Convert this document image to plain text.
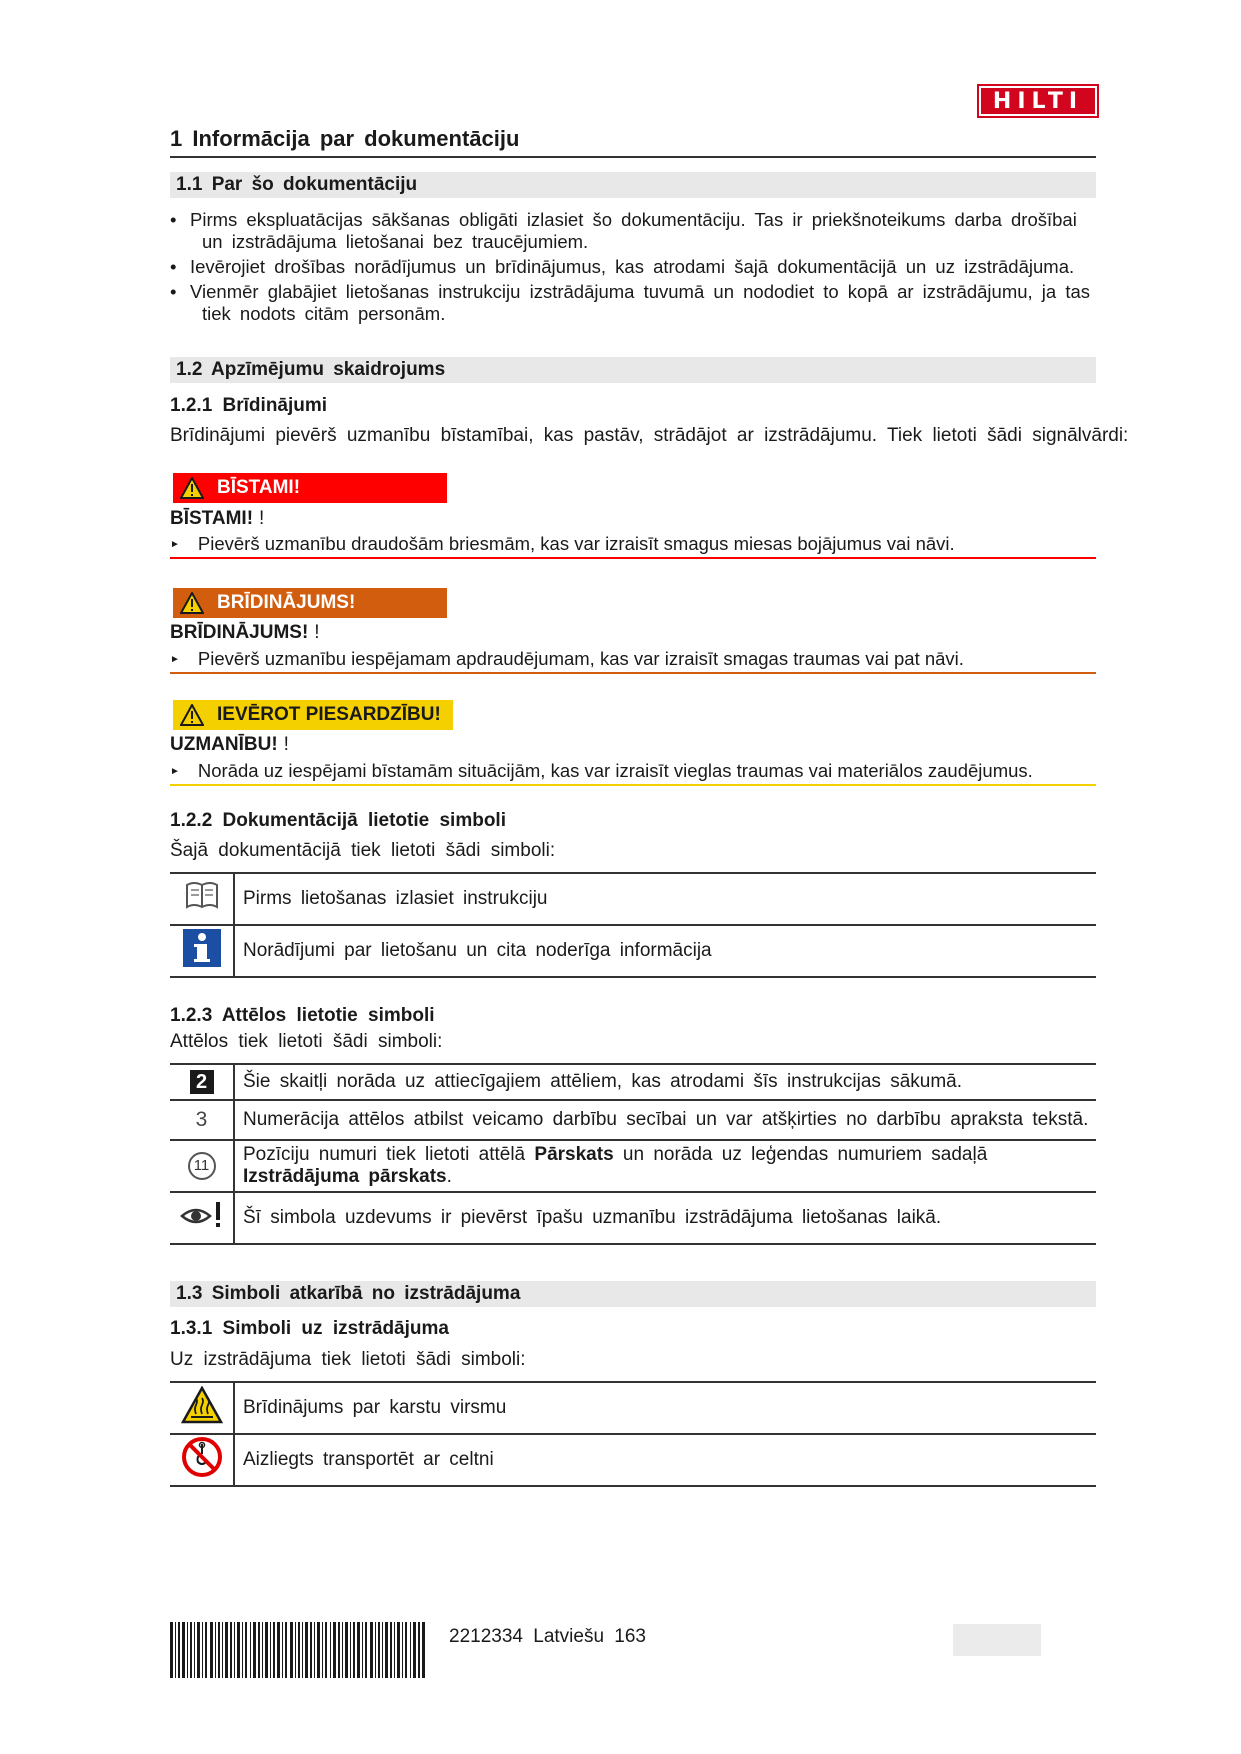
HILTI
1 Informācija par dokumentāciju
1.1 Par šo dokumentāciju
• Pirms ekspluatācijas sākšanas obligāti izlasiet šo dokumentāciju. Tas ir priekšnoteikums darba drošībai
un izstrādājuma lietošanai bez traucējumiem.
• Ievērojiet drošības norādījumus un brīdinājumus, kas atrodami šajā dokumentācijā un uz izstrādājuma.
• Vienmēr glabājiet lietošanas instrukciju izstrādājuma tuvumā un nododiet to kopā ar izstrādājumu, ja tas
tiek nodots citām personām.
1.2 Apzīmējumu skaidrojums
1.2.1 Brīdinājumi
Brīdinājumi pievērš uzmanību bīstamībai, kas pastāv, strādājot ar izstrādājumu. Tiek lietoti šādi signālvārdi:
BĪSTAMI!
BĪSTAMI! !
► Pievērš uzmanību draudošām briesmām, kas var izraisīt smagus miesas bojājumus vai nāvi.
BRĪDINĀJUMS!
BRĪDINĀJUMS! !
► Pievērš uzmanību iespējamam apdraudējumam, kas var izraisīt smagas traumas vai pat nāvi.
IEVĒROT PIESARDZĪBU!
UZMANĪBU! !
► Norāda uz iespējami bīstamām situācijām, kas var izraisīt vieglas traumas vai materiālos zaudējumus.
1.2.2 Dokumentācijā lietotie simboli
Šajā dokumentācijā tiek lietoti šādi simboli:
	Pirms lietošanas izlasiet instrukciju
	Norādījumi par lietošanu un cita noderīga informācija
1.2.3 Attēlos lietotie simboli
Attēlos tiek lietoti šādi simboli:
2	Šie skaitļi norāda uz attiecīgajiem attēliem, kas atrodami šīs instrukcijas sākumā.
3	Numerācija attēlos atbilst veicamo darbību secībai un var atšķirties no darbību apraksta tekstā.
11	Pozīciju numuri tiek lietoti attēlā Pārskats un norāda uz leģendas numuriem sadaļā Izstrādājuma pārskats.
	Šī simbola uzdevums ir pievērst īpašu uzmanību izstrādājuma lietošanas laikā.
1.3 Simboli atkarībā no izstrādājuma
1.3.1 Simboli uz izstrādājuma
Uz izstrādājuma tiek lietoti šādi simboli:
	Brīdinājums par karstu virsmu
	Aizliegts transportēt ar celtni
2212334 Latviešu 163
